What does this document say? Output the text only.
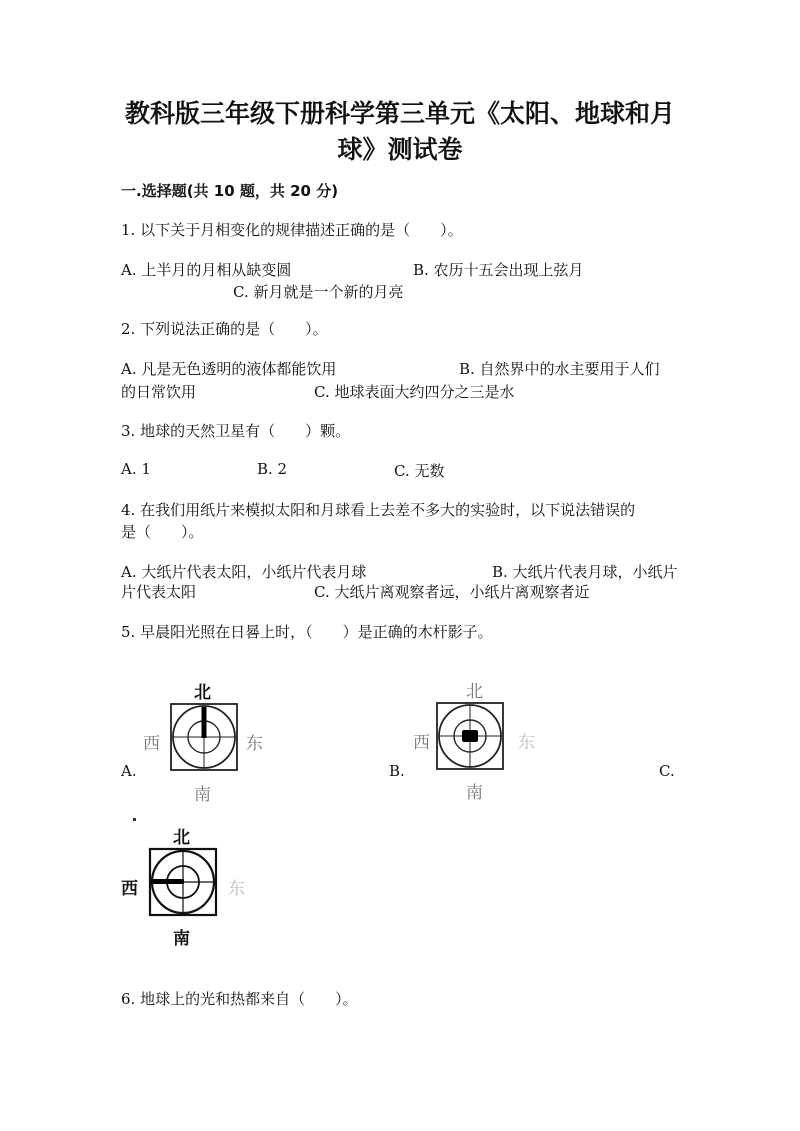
教科版三年级下册科学第三单元《太阳、地球和月
球》测试卷
一.选择题(共 10 题，共 20 分)
1. 以下关于月相变化的规律描述正确的是（　　）。
A. 上半月的月相从缺变圆	B. 农历十五会出现上弦月
C. 新月就是一个新的月亮
2. 下列说法正确的是（　　）。
A. 凡是无色透明的液体都能饮用	B. 自然界中的水主要用于人们
的日常饮用	C. 地球表面大约四分之三是水
3. 地球的天然卫星有（　　）颗。
A. 1	B. 2	C. 无数
4. 在我们用纸片来模拟太阳和月球看上去差不多大的实验时，以下说法错误的
是（　　）。
A. 大纸片代表太阳，小纸片代表月球	B. 大纸片代表月球，小纸片
片代表太阳	C. 大纸片离观察者远，小纸片离观察者近
5. 早晨阳光照在日晷上时，（　　）是正确的木杆影子。
北
西	东
南
A.
北
西	东
南
B.	C.
北
西	东
南
6. 地球上的光和热都来自（　　）。
